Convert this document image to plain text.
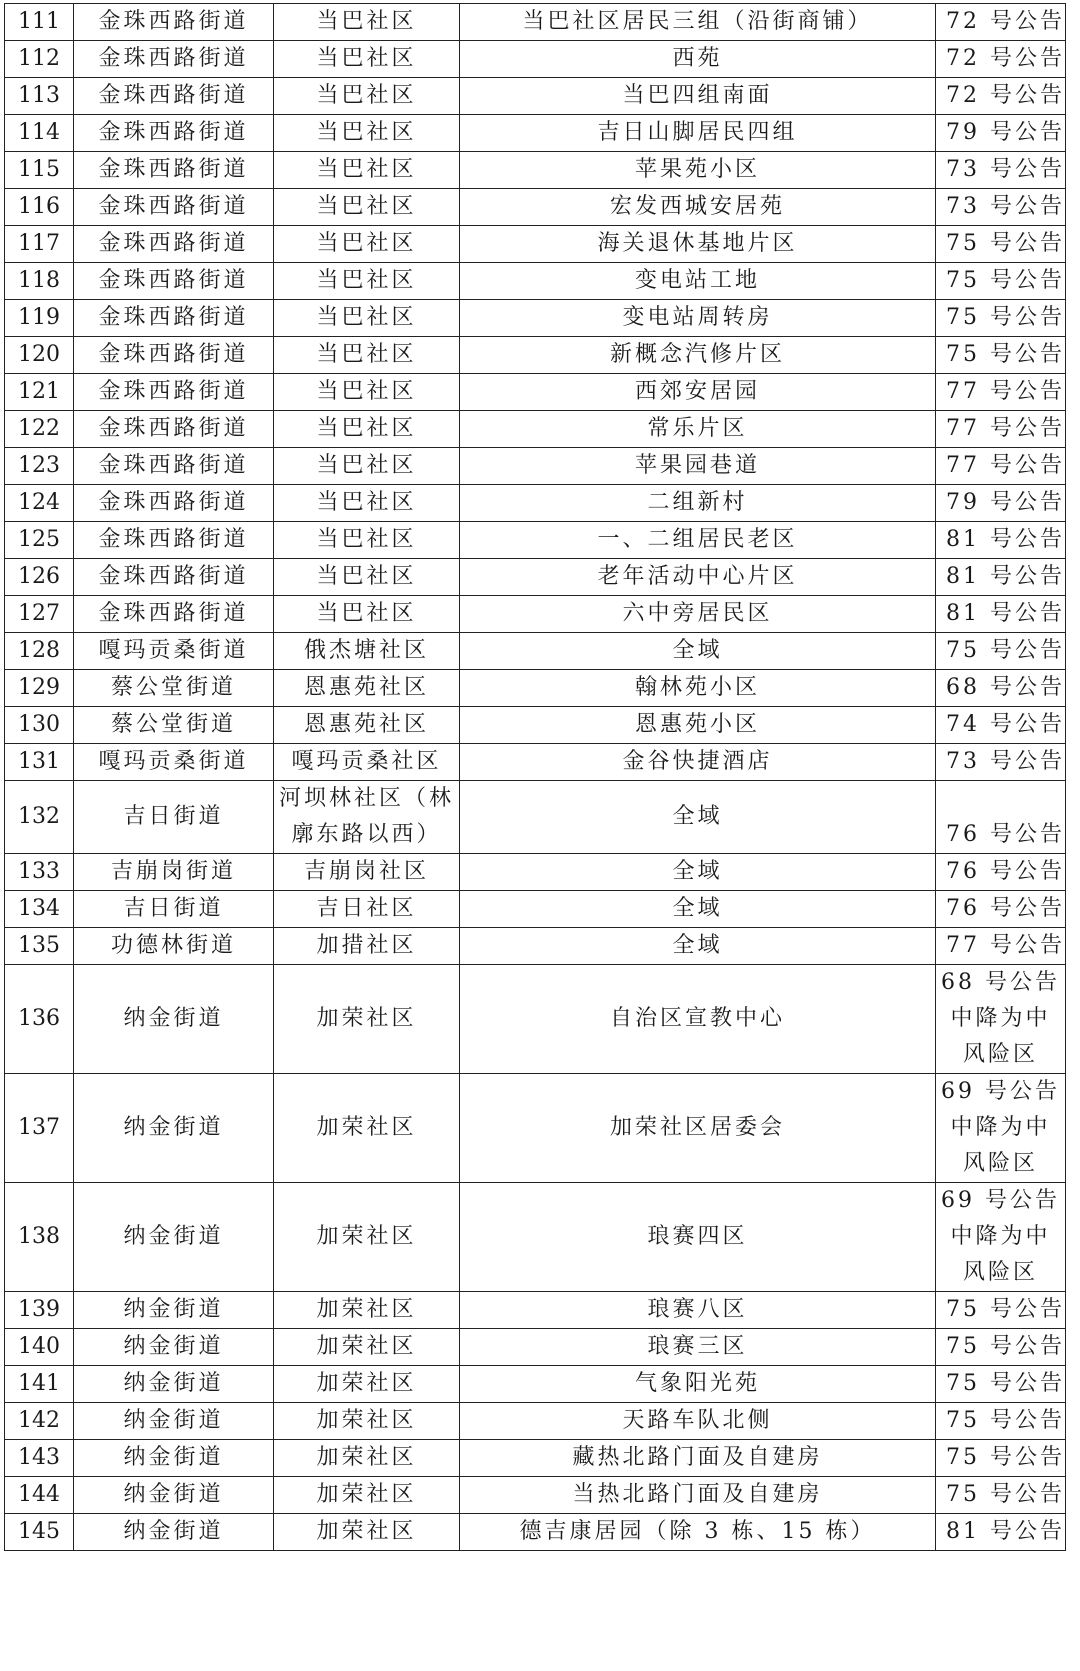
111	金珠西路街道	当巴社区	当巴社区居民三组（沿街商铺）	72 号公告
112	金珠西路街道	当巴社区	西苑	72 号公告
113	金珠西路街道	当巴社区	当巴四组南面	72 号公告
114	金珠西路街道	当巴社区	吉日山脚居民四组	79 号公告
115	金珠西路街道	当巴社区	苹果苑小区	73 号公告
116	金珠西路街道	当巴社区	宏发西城安居苑	73 号公告
117	金珠西路街道	当巴社区	海关退休基地片区	75 号公告
118	金珠西路街道	当巴社区	变电站工地	75 号公告
119	金珠西路街道	当巴社区	变电站周转房	75 号公告
120	金珠西路街道	当巴社区	新概念汽修片区	75 号公告
121	金珠西路街道	当巴社区	西郊安居园	77 号公告
122	金珠西路街道	当巴社区	常乐片区	77 号公告
123	金珠西路街道	当巴社区	苹果园巷道	77 号公告
124	金珠西路街道	当巴社区	二组新村	79 号公告
125	金珠西路街道	当巴社区	一、二组居民老区	81 号公告
126	金珠西路街道	当巴社区	老年活动中心片区	81 号公告
127	金珠西路街道	当巴社区	六中旁居民区	81 号公告
128	嘎玛贡桑街道	俄杰塘社区	全域	75 号公告
129	蔡公堂街道	恩惠苑社区	翰林苑小区	68 号公告
130	蔡公堂街道	恩惠苑社区	恩惠苑小区	74 号公告
131	嘎玛贡桑街道	嘎玛贡桑社区	金谷快捷酒店	73 号公告
132	吉日街道	河坝林社区（林廓东路以西）	全域	76 号公告
133	吉崩岗街道	吉崩岗社区	全域	76 号公告
134	吉日街道	吉日社区	全域	76 号公告
135	功德林街道	加措社区	全域	77 号公告
136	纳金街道	加荣社区	自治区宣教中心	68 号公告中降为中风险区
137	纳金街道	加荣社区	加荣社区居委会	69 号公告中降为中风险区
138	纳金街道	加荣社区	琅赛四区	69 号公告中降为中风险区
139	纳金街道	加荣社区	琅赛八区	75 号公告
140	纳金街道	加荣社区	琅赛三区	75 号公告
141	纳金街道	加荣社区	气象阳光苑	75 号公告
142	纳金街道	加荣社区	天路车队北侧	75 号公告
143	纳金街道	加荣社区	藏热北路门面及自建房	75 号公告
144	纳金街道	加荣社区	当热北路门面及自建房	75 号公告
145	纳金街道	加荣社区	德吉康居园（除 3 栋、15 栋）	81 号公告
